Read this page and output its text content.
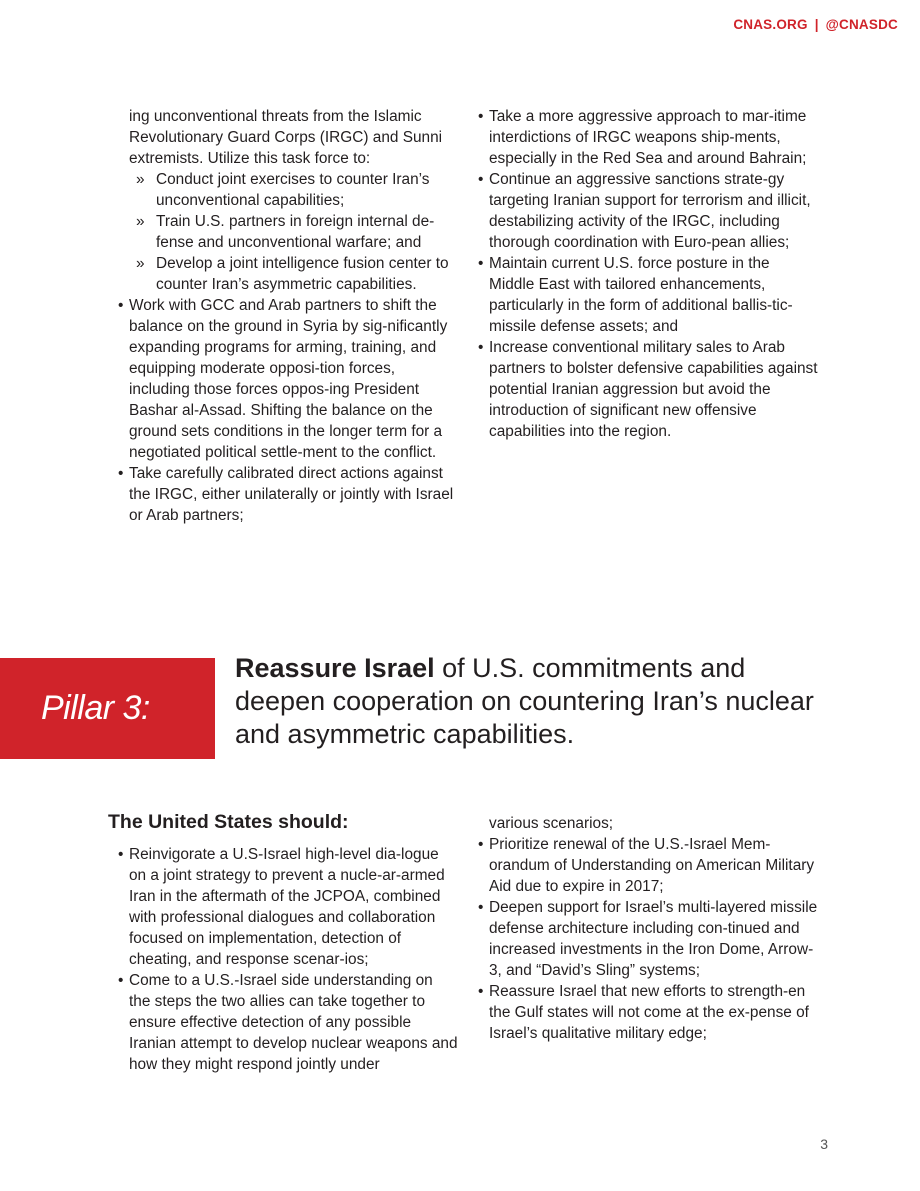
CNAS.ORG | @CNASDC

ing unconventional threats from the Islamic Revolutionary Guard Corps (IRGC) and Sunni extremists. Utilize this task force to:

» Conduct joint exercises to counter Iran’s unconventional capabilities;

» Train U.S. partners in foreign internal de-fense and unconventional warfare; and

» Develop a joint intelligence fusion center to counter Iran’s asymmetric capabilities.

• Work with GCC and Arab partners to shift the balance on the ground in Syria by sig-nificantly expanding programs for arming, training, and equipping moderate opposi-tion forces, including those forces oppos-ing President Bashar al-Assad. Shifting the balance on the ground sets conditions in the longer term for a negotiated political settle-ment to the conflict.

• Take carefully calibrated direct actions against the IRGC, either unilaterally or jointly with Israel or Arab partners;

• Take a more aggressive approach to mar-itime interdictions of IRGC weapons ship-ments, especially in the Red Sea and around Bahrain;

• Continue an aggressive sanctions strate-gy targeting Iranian support for terrorism and illicit, destabilizing activity of the IRGC, including thorough coordination with Euro-pean allies;

• Maintain current U.S. force posture in the Middle East with tailored enhancements, particularly in the form of additional ballis-tic-missile defense assets; and

• Increase conventional military sales to Arab partners to bolster defensive capabilities against potential Iranian aggression but avoid the introduction of significant new offensive capabilities into the region.

Pillar 3:
Reassure Israel of U.S. commitments and deepen cooperation on countering Iran’s nuclear and asymmetric capabilities.
The United States should:

• Reinvigorate a U.S-Israel high-level dia-logue on a joint strategy to prevent a nucle-ar-armed Iran in the aftermath of the JCPOA, combined with professional dialogues and collaboration focused on implementation, detection of cheating, and response scenar-ios;

• Come to a U.S.-Israel side understanding on the steps the two allies can take together to ensure effective detection of any possible Iranian attempt to develop nuclear weapons and how they might respond jointly under

various scenarios;

• Prioritize renewal of the U.S.-Israel Mem-orandum of Understanding on American Military Aid due to expire in 2017;

• Deepen support for Israel’s multi-layered missile defense architecture including con-tinued and increased investments in the Iron Dome, Arrow-3, and “David’s Sling” systems;

• Reassure Israel that new efforts to strength-en the Gulf states will not come at the ex-pense of Israel’s qualitative military edge;

3
